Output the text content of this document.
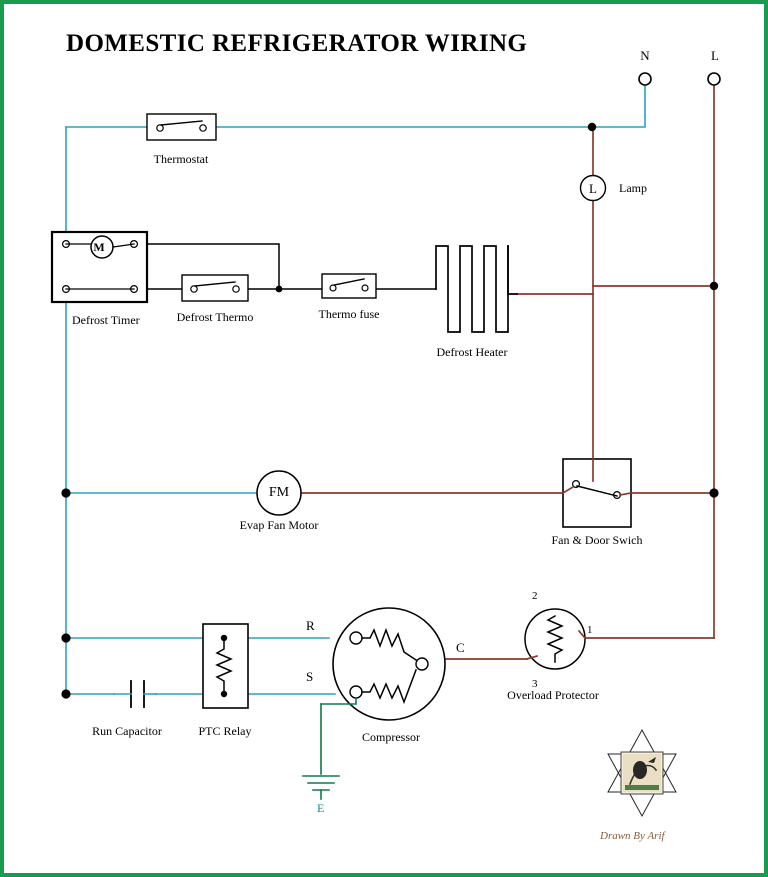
DOMESTIC REFRIGERATOR WIRING	N	L
Thermostat
L Lamp
M
Defrost Timer	Defrost Thermo	Thermo fuse
Defrost Heater
FM
Evap Fan Motor
Fan & Door Swich
Run Capacitor	PTC Relay	Compressor
Overload Protector
E
R
S
C
1
2
3
Drawn By Arif
